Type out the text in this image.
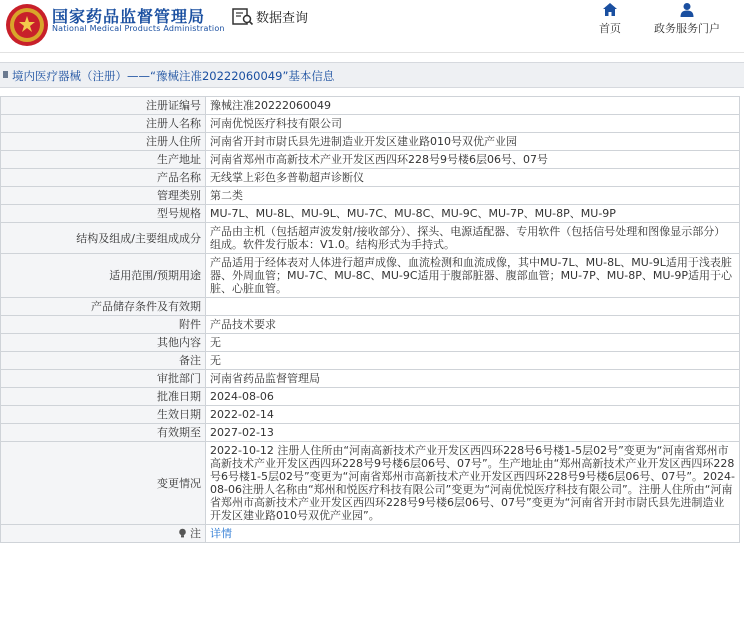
国家药品监督管理局
National Medical Products Administration
数据查询
首页	政务服务门户
境内医疗器械（注册）——“豫械注准20222060049”基本信息
注册证编号	豫械注准20222060049
注册人名称	河南优悦医疗科技有限公司
注册人住所	河南省开封市尉氏县先进制造业开发区建业路010号双优产业园
生产地址	河南省郑州市高新技术产业开发区西四环228号9号楼6层06号、07号
产品名称	无线掌上彩色多普勒超声诊断仪
管理类别	第二类
型号规格	MU-7L、MU-8L、MU-9L、MU-7C、MU-8C、MU-9C、MU-7P、MU-8P、MU-9P
结构及组成/主要组成成分	产品由主机（包括超声波发射/接收部分）、探头、电源适配器、专用软件（包括信号处理和图像显示部分）组成。软件发行版本：V1.0。结构形式为手持式。
适用范围/预期用途	产品适用于经体表对人体进行超声成像、血流检测和血流成像，其中MU-7L、MU-8L、MU-9L适用于浅表脏器、外周血管；MU-7C、MU-8C、MU-9C适用于腹部脏器、腹部血管；MU-7P、MU-8P、MU-9P适用于心脏、心脏血管。
产品储存条件及有效期	
附件	产品技术要求
其他内容	无
备注	无
审批部门	河南省药品监督管理局
批准日期	2024-08-06
生效日期	2022-02-14
有效期至	2027-02-13
变更情况	2022-10-12 注册人住所由“河南高新技术产业开发区西四环228号6号楼1-5层02号”变更为“河南省郑州市高新技术产业开发区西四环228号9号楼6层06号、07号”。生产地址由“郑州高新技术产业开发区西四环228号6号楼1-5层02号”变更为“河南省郑州市高新技术产业开发区西四环228号9号楼6层06号、07号”。2024-08-06注册人名称由“郑州和悦医疗科技有限公司”变更为“河南优悦医疗科技有限公司”。注册人住所由“河南省郑州市高新技术产业开发区西四环228号9号楼6层06号、07号”变更为“河南省开封市尉氏县先进制造业开发区建业路010号双优产业园”。
注	详情
